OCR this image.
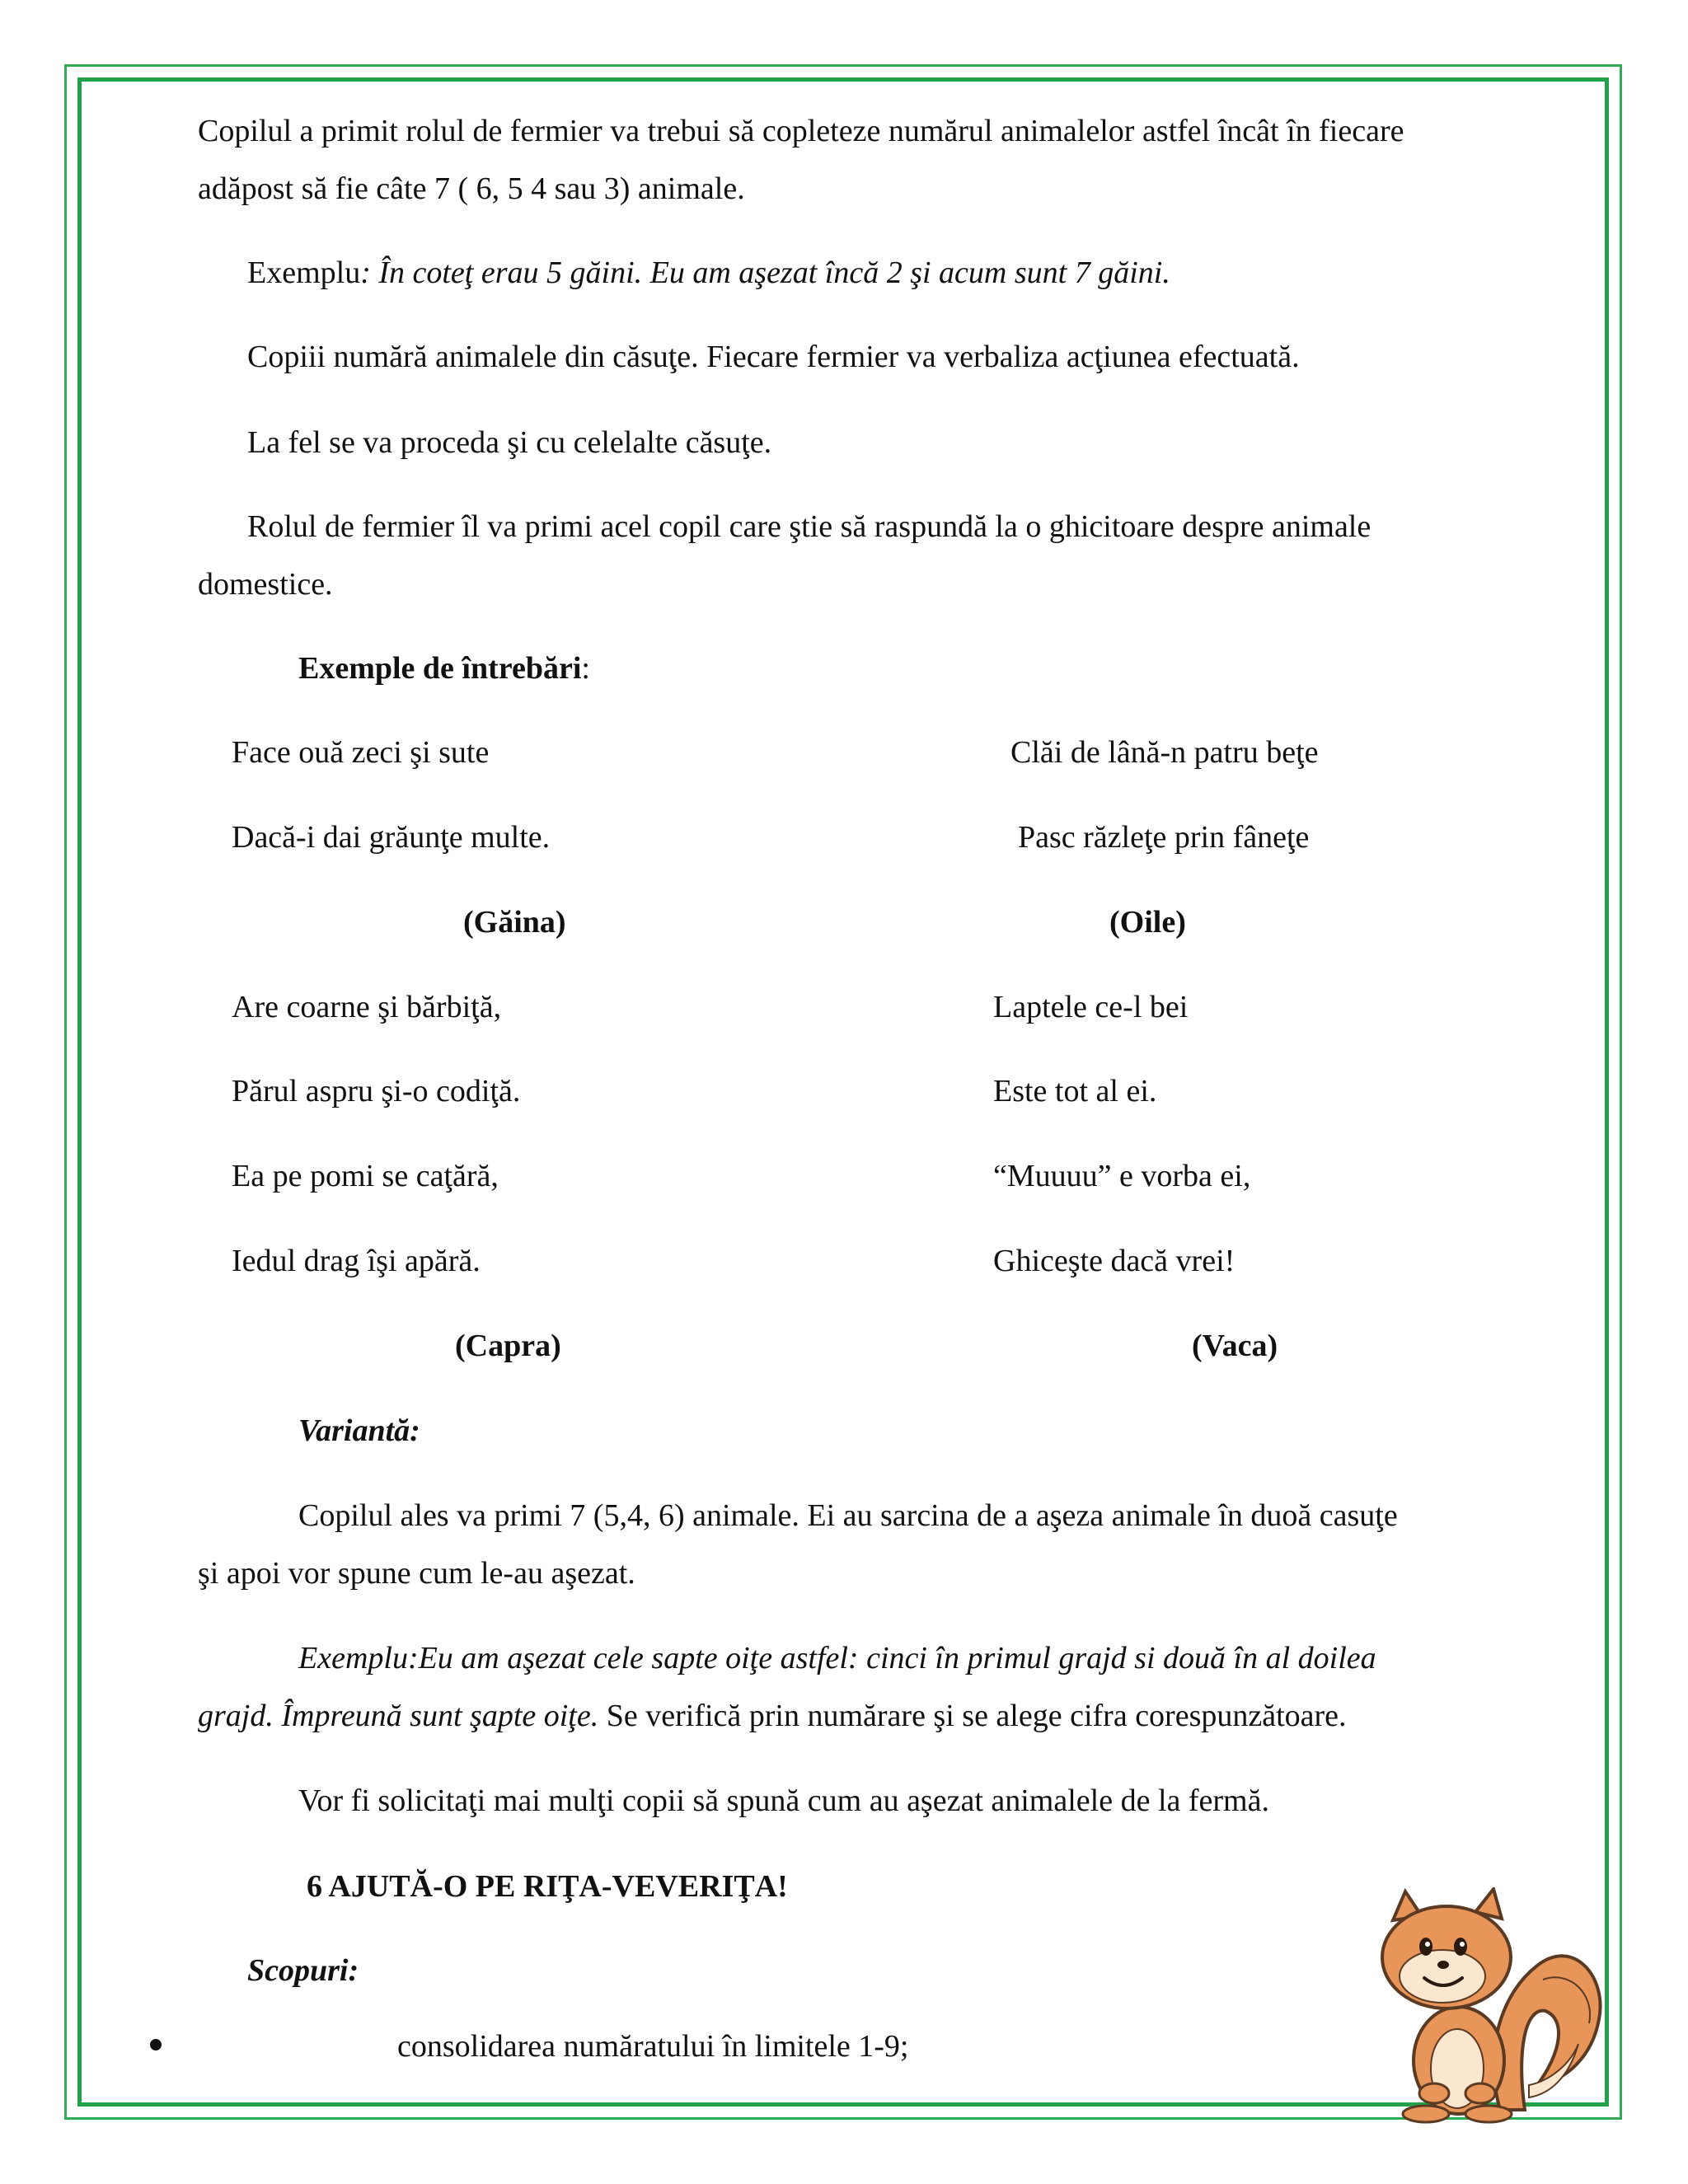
Copilul a primit rolul de fermier va trebui să copleteze numărul animalelor astfel încât în fiecare
adăpost să fie câte 7 ( 6, 5 4 sau 3) animale.
Exemplu: În coteţ erau 5 găini. Eu am aşezat încă 2 şi acum sunt 7 găini.
Copiii numără animalele din căsuţe. Fiecare fermier va verbaliza acţiunea efectuată.
La fel se va proceda şi cu celelalte căsuţe.
Rolul de fermier îl va primi acel copil care ştie să raspundă la o ghicitoare despre animale
domestice.
Exemple de întrebări:
Face ouă zeci şi sute
Dacă-i dai grăunţe multe.
(Găina)
Clăi de lână-n patru beţe
Pasc răzleţe prin fâneţe
(Oile)
Are coarne şi bărbiţă,
Părul aspru şi-o codiţă.
Ea pe pomi se caţără,
Iedul drag îşi apără.
(Capra)
Laptele ce-l bei
Este tot al ei.
“Muuuu” e vorba ei,
Ghiceşte dacă vrei!
(Vaca)
Variantă:
Copilul ales va primi 7 (5,4, 6) animale. Ei au sarcina de a aşeza animale în duoă casuţe
şi apoi vor spune cum le-au aşezat.
Exemplu:Eu am aşezat cele sapte oiţe astfel: cinci în primul grajd si două în al doilea
grajd. Împreună sunt şapte oiţe. Se verifică prin numărare şi se alege cifra corespunzătoare.
Vor fi solicitaţi mai mulţi copii să spună cum au aşezat animalele de la fermă.
6 AJUTĂ-O PE RIŢA-VEVERIŢA!
Scopuri:
consolidarea număratului în limitele 1-9;
